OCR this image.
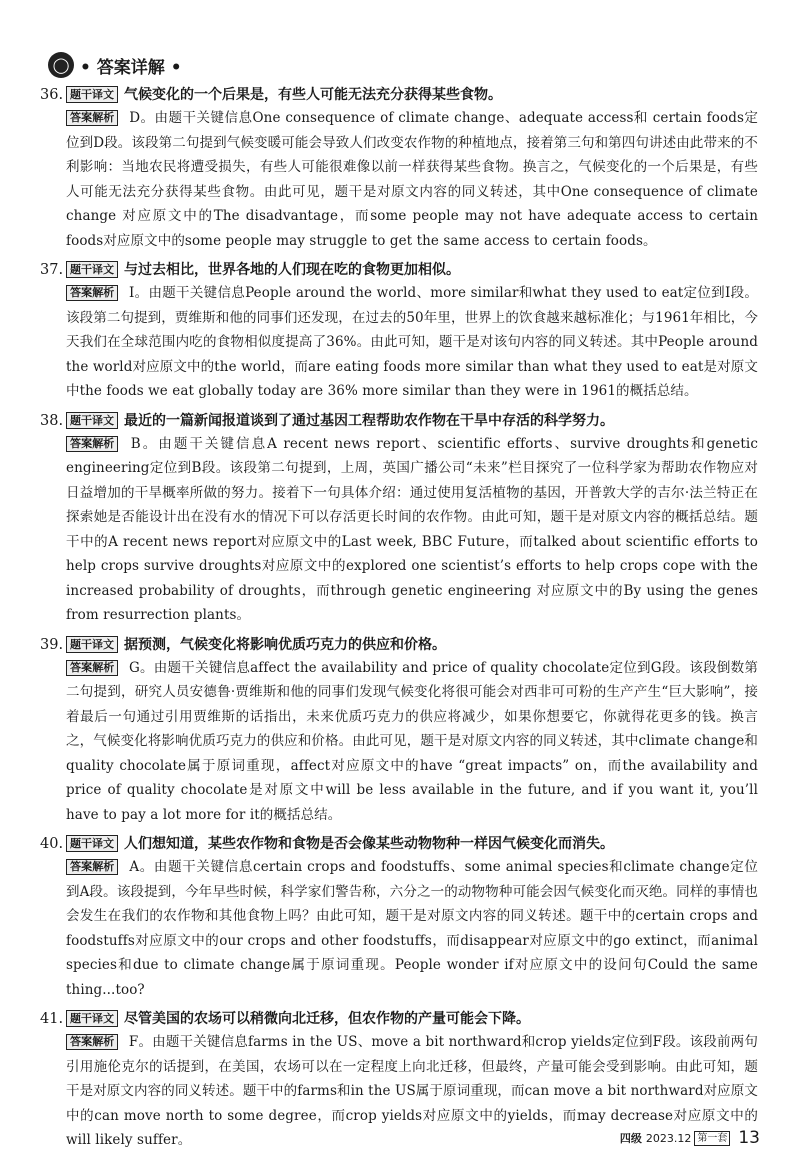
◯ • 答案详解 •
36. 题干译文 气候变化的一个后果是，有些人可能无法充分获得某些食物。
答案解析 D。由题干关键信息One consequence of climate change、adequate access和 certain foods定位到D段。该段第二句提到气候变暖可能会导致人们改变农作物的种植地点，接着第三句和第四句讲述由此带来的不利影响：当地农民将遭受损失，有些人可能很难像以前一样获得某些食物。换言之，气候变化的一个后果是，有些人可能无法充分获得某些食物。由此可见，题干是对原文内容的同义转述，其中One consequence of climate change 对应原文中的The disadvantage，而some people may not have adequate access to certain foods对应原文中的some people may struggle to get the same access to certain foods。
37. 题干译文 与过去相比，世界各地的人们现在吃的食物更加相似。
答案解析 I。由题干关键信息People around the world、more similar和what they used to eat定位到I段。该段第二句提到，贾维斯和他的同事们还发现，在过去的50年里，世界上的饮食越来越标准化；与1961年相比，今天我们在全球范围内吃的食物相似度提高了36%。由此可知，题干是对该句内容的同义转述。其中People around the world对应原文中的the world，而are eating foods more similar than what they used to eat是对原文中the foods we eat globally today are 36% more similar than they were in 1961的概括总结。
38. 题干译文 最近的一篇新闻报道谈到了通过基因工程帮助农作物在干旱中存活的科学努力。
答案解析 B。由题干关键信息A recent news report、scientific efforts、survive droughts和genetic engineering定位到B段。该段第二句提到，上周，英国广播公司“未来”栏目探究了一位科学家为帮助农作物应对日益增加的干旱概率所做的努力。接着下一句具体介绍：通过使用复活植物的基因，开普敦大学的吉尔·法兰特正在探索她是否能设计出在没有水的情况下可以存活更长时间的农作物。由此可知，题干是对原文内容的概括总结。题干中的A recent news report对应原文中的Last week, BBC Future，而talked about scientific efforts to help crops survive droughts对应原文中的explored one scientist’s efforts to help crops cope with the increased probability of droughts，而through genetic engineering 对应原文中的By using the genes from resurrection plants。
39. 题干译文 据预测，气候变化将影响优质巧克力的供应和价格。
答案解析 G。由题干关键信息affect the availability and price of quality chocolate定位到G段。该段倒数第二句提到，研究人员安德鲁·贾维斯和他的同事们发现气候变化将很可能会对西非可可粉的生产产生“巨大影响”，接着最后一句通过引用贾维斯的话指出，未来优质巧克力的供应将减少，如果你想要它，你就得花更多的钱。换言之，气候变化将影响优质巧克力的供应和价格。由此可见，题干是对原文内容的同义转述，其中climate change和quality chocolate属于原词重现，affect对应原文中的have “great impacts” on，而the availability and price of quality chocolate是对原文中will be less available in the future, and if you want it, you’ll have to pay a lot more for it的概括总结。
40. 题干译文 人们想知道，某些农作物和食物是否会像某些动物物种一样因气候变化而消失。
答案解析 A。由题干关键信息certain crops and foodstuffs、some animal species和climate change定位到A段。该段提到，今年早些时候，科学家们警告称，六分之一的动物物种可能会因气候变化而灭绝。同样的事情也会发生在我们的农作物和其他食物上吗？由此可知，题干是对原文内容的同义转述。题干中的certain crops and foodstuffs对应原文中的our crops and other foodstuffs，而disappear对应原文中的go extinct，而animal species和due to climate change属于原词重现。People wonder if对应原文中的设问句Could the same thing...too?
41. 题干译文 尽管美国的农场可以稍微向北迁移，但农作物的产量可能会下降。
答案解析 F。由题干关键信息farms in the US、move a bit northward和crop yields定位到F段。该段前两句引用施伦克尔的话提到，在美国，农场可以在一定程度上向北迁移，但最终，产量可能会受到影响。由此可知，题干是对原文内容的同义转述。题干中的farms和in the US属于原词重现，而can move a bit northward对应原文中的can move north to some degree，而crop yields对应原文中的yields，而may decrease对应原文中的will likely suffer。	四级 2023.12 第一套 13
